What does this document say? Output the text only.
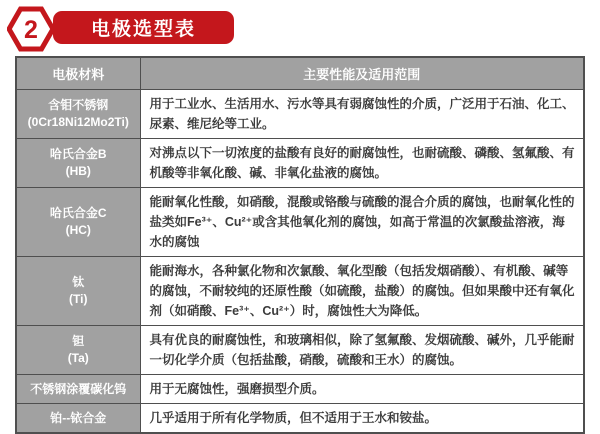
2	电极选型表
电极材料	主要性能及适用范围
含钼不锈钢
(0Cr18Ni12Mo2Ti)	用于工业水、生活用水、污水等具有弱腐蚀性的介质，广泛用于石油、化工、尿素、维尼纶等工业。
哈氏合金B
(HB)	对沸点以下一切浓度的盐酸有良好的耐腐蚀性，也耐硫酸、磷酸、氢氟酸、有机酸等非氧化酸、碱、非氧化盐液的腐蚀。
哈氏合金C
(HC)	能耐氧化性酸，如硝酸，混酸或铬酸与硫酸的混合介质的腐蚀，也耐氧化性的盐类如Fe³⁺、Cu²⁺或含其他氧化剂的腐蚀，如高于常温的次氯酸盐溶液，海水的腐蚀
钛
(Ti)	能耐海水，各种氯化物和次氯酸、氧化型酸（包括发烟硝酸）、有机酸、碱等的腐蚀，不耐较纯的还原性酸（如硫酸，盐酸）的腐蚀。但如果酸中还有氧化剂（如硝酸、Fe³⁺、Cu²⁺）时，腐蚀性大为降低。
钽
(Ta)	具有优良的耐腐蚀性，和玻璃相似，除了氢氟酸、发烟硫酸、碱外，几乎能耐一切化学介质（包括盐酸，硝酸，硫酸和王水）的腐蚀。
不锈钢涂覆碳化钨	用于无腐蚀性，强磨损型介质。
铂--铱合金	几乎适用于所有化学物质，但不适用于王水和铵盐。
